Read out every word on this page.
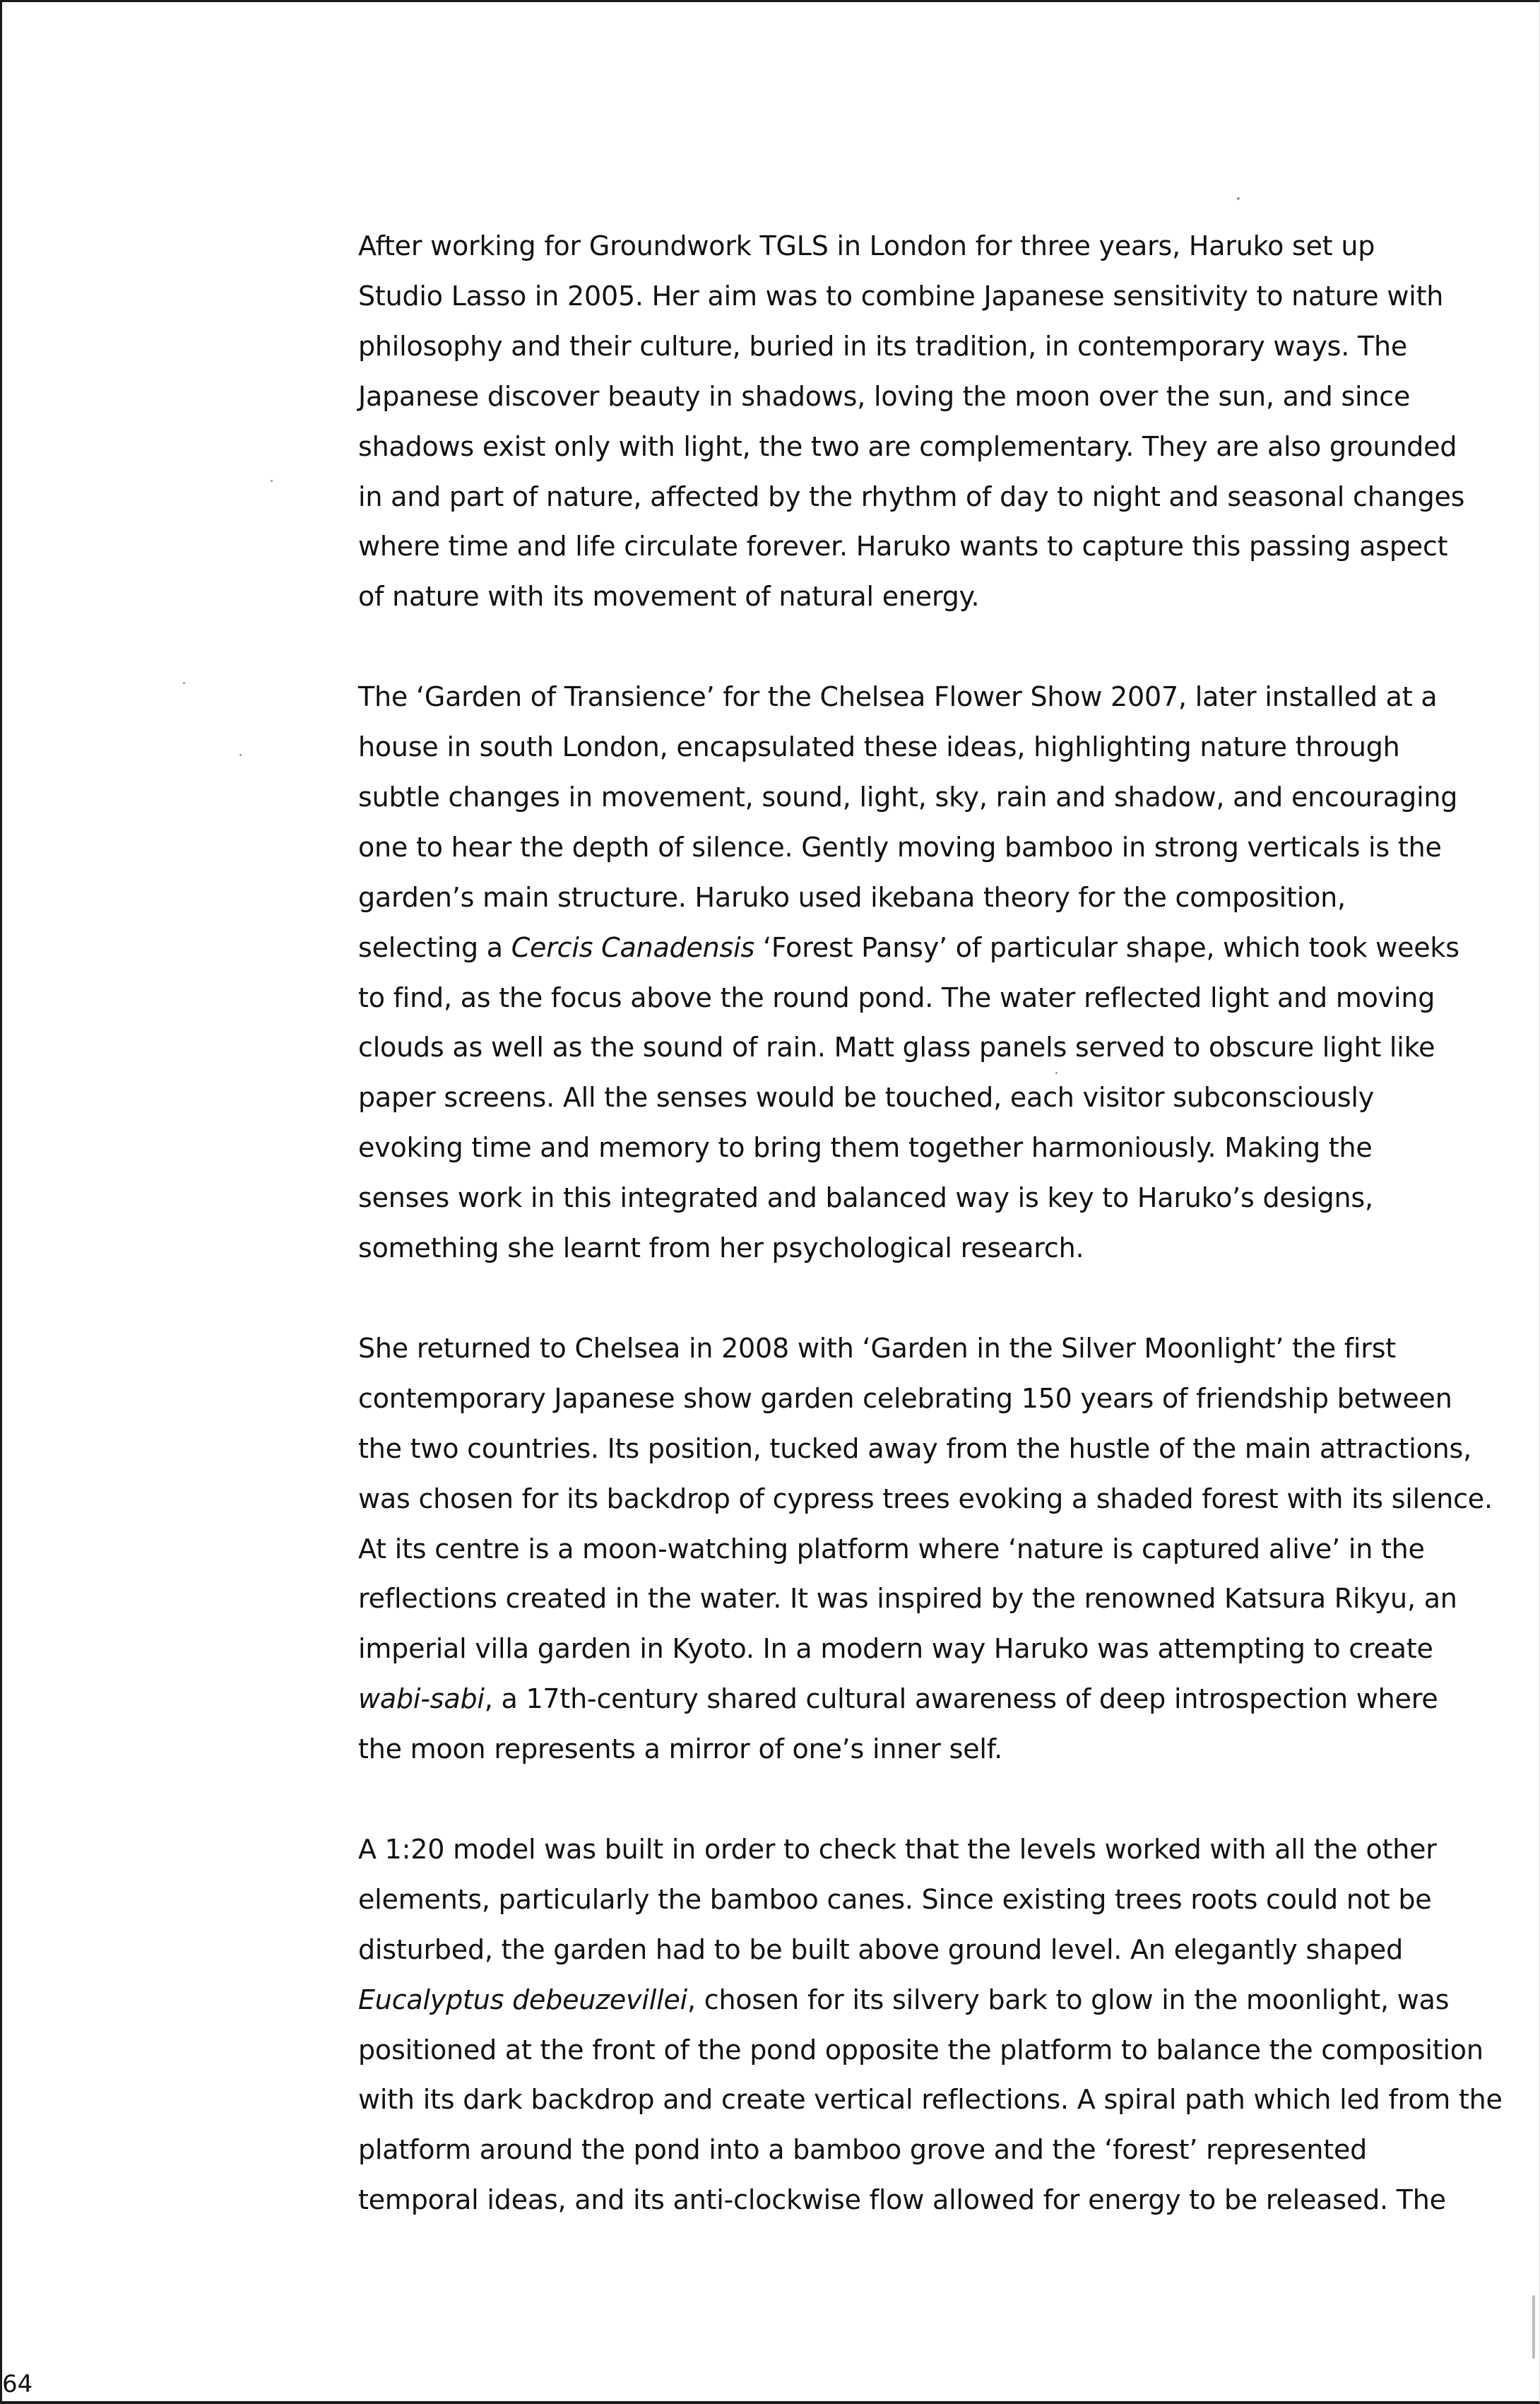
After working for Groundwork TGLS in London for three years, Haruko set up
Studio Lasso in 2005. Her aim was to combine Japanese sensitivity to nature with
philosophy and their culture, buried in its tradition, in contemporary ways. The
Japanese discover beauty in shadows, loving the moon over the sun, and since
shadows exist only with light, the two are complementary. They are also grounded
in and part of nature, affected by the rhythm of day to night and seasonal changes
where time and life circulate forever. Haruko wants to capture this passing aspect
of nature with its movement of natural energy.
The ‘Garden of Transience’ for the Chelsea Flower Show 2007, later installed at a
house in south London, encapsulated these ideas, highlighting nature through
subtle changes in movement, sound, light, sky, rain and shadow, and encouraging
one to hear the depth of silence. Gently moving bamboo in strong verticals is the
garden’s main structure. Haruko used ikebana theory for the composition,
selecting a Cercis Canadensis ‘Forest Pansy’ of particular shape, which took weeks
to find, as the focus above the round pond. The water reflected light and moving
clouds as well as the sound of rain. Matt glass panels served to obscure light like
paper screens. All the senses would be touched, each visitor subconsciously
evoking time and memory to bring them together harmoniously. Making the
senses work in this integrated and balanced way is key to Haruko’s designs,
something she learnt from her psychological research.
She returned to Chelsea in 2008 with ‘Garden in the Silver Moonlight’ the first
contemporary Japanese show garden celebrating 150 years of friendship between
the two countries. Its position, tucked away from the hustle of the main attractions,
was chosen for its backdrop of cypress trees evoking a shaded forest with its silence.
At its centre is a moon-watching platform where ‘nature is captured alive’ in the
reflections created in the water. It was inspired by the renowned Katsura Rikyu, an
imperial villa garden in Kyoto. In a modern way Haruko was attempting to create
wabi-sabi, a 17th-century shared cultural awareness of deep introspection where
the moon represents a mirror of one’s inner self.
A 1:20 model was built in order to check that the levels worked with all the other
elements, particularly the bamboo canes. Since existing trees roots could not be
disturbed, the garden had to be built above ground level. An elegantly shaped
Eucalyptus debeuzevillei, chosen for its silvery bark to glow in the moonlight, was
positioned at the front of the pond opposite the platform to balance the composition
with its dark backdrop and create vertical reflections. A spiral path which led from the
platform around the pond into a bamboo grove and the ‘forest’ represented
temporal ideas, and its anti-clockwise flow allowed for energy to be released. The
64
